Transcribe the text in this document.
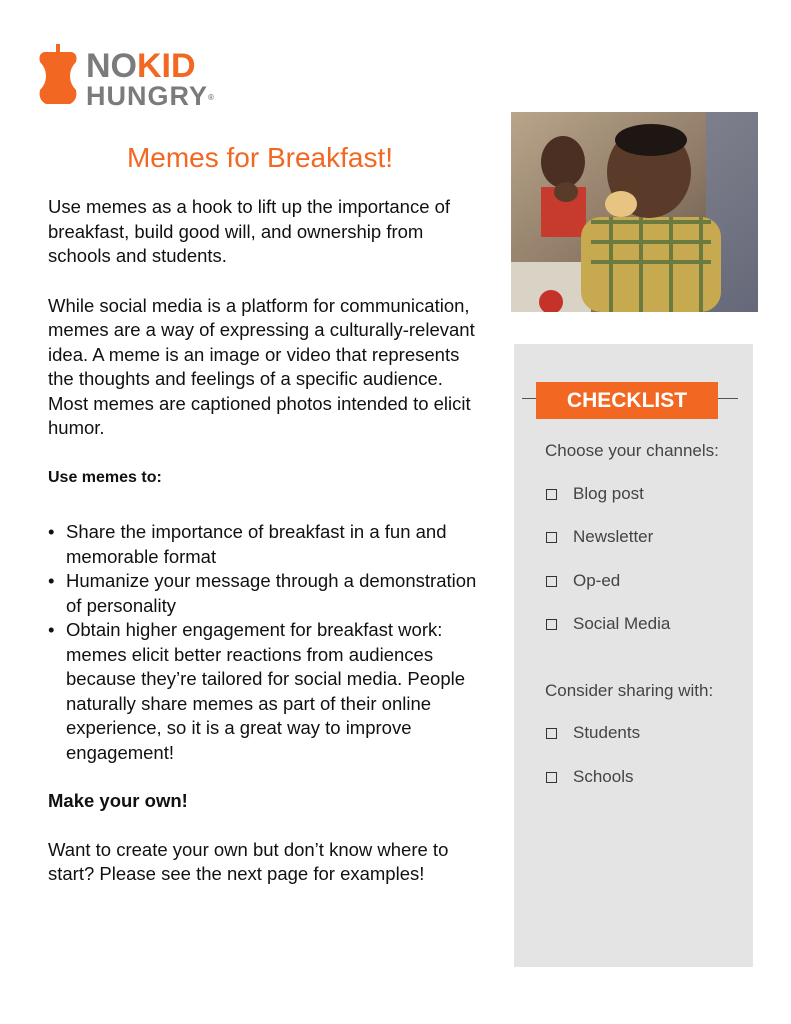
NOKID
HUNGRY®
Memes for Breakfast!

Use memes as a hook to lift up the importance of breakfast, build good will, and ownership from schools and students.

While social media is a platform for communication, memes are a way of expressing a culturally-relevant idea. A meme is an image or video that represents the thoughts and feelings of a specific audience. Most memes are captioned photos intended to elicit humor.

Use memes to:

• Share the importance of breakfast in a fun and memorable format
• Humanize your message through a demonstration of personality
• Obtain higher engagement for breakfast work: memes elicit better reactions from audiences because they’re tailored for social media. People naturally share memes as part of their online experience, so it is a great way to improve engagement!

Make your own!

Want to create your own but don’t know where to start? Please see the next page for examples!

CHECKLIST
Choose your channels:
Blog post
Newsletter
Op-ed
Social Media
Consider sharing with:
Students
Schools
